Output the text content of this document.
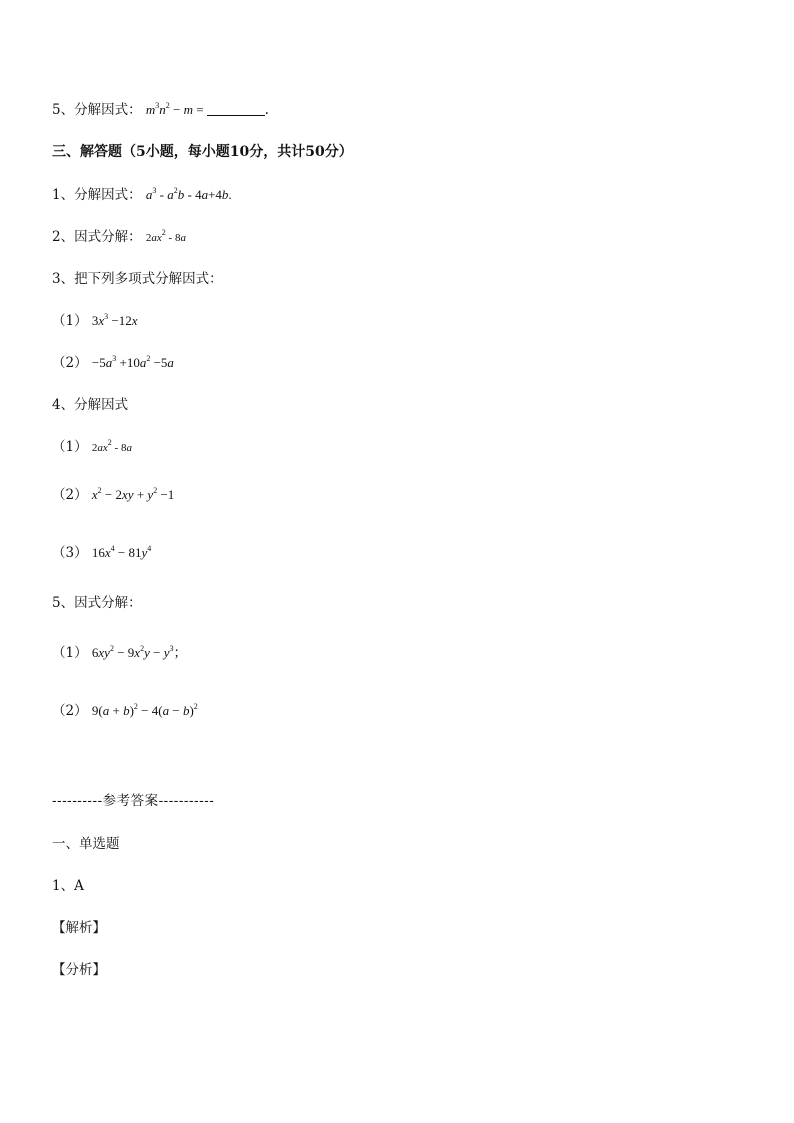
5、分解因式： $m^3n^2 - m$ =	.
三、解答题（5小题，每小题10分，共计50分）
1、分解因式： $a^3 - a^2b - 4a+4b$.
2、因式分解： $2ax^2 - 8a$
3、把下列多项式分解因式：
（1） $3x^3 -12x$
$(2) -5a^3 +10a^2 -5a$
4、分解因式
（1） $2ax^2 - 8a$
（2） $x^2 - 2xy + y^2 -1$
（3） $16x^4 - 81y^4$
5、因式分解：
（1） $6xy^2 - 9x^2y - y^3$；
（2） $9(a + b)^2 - 4(a - b)^2$
----------参考答案-----------
一、单选题
1、A
【解析】
【分析】
